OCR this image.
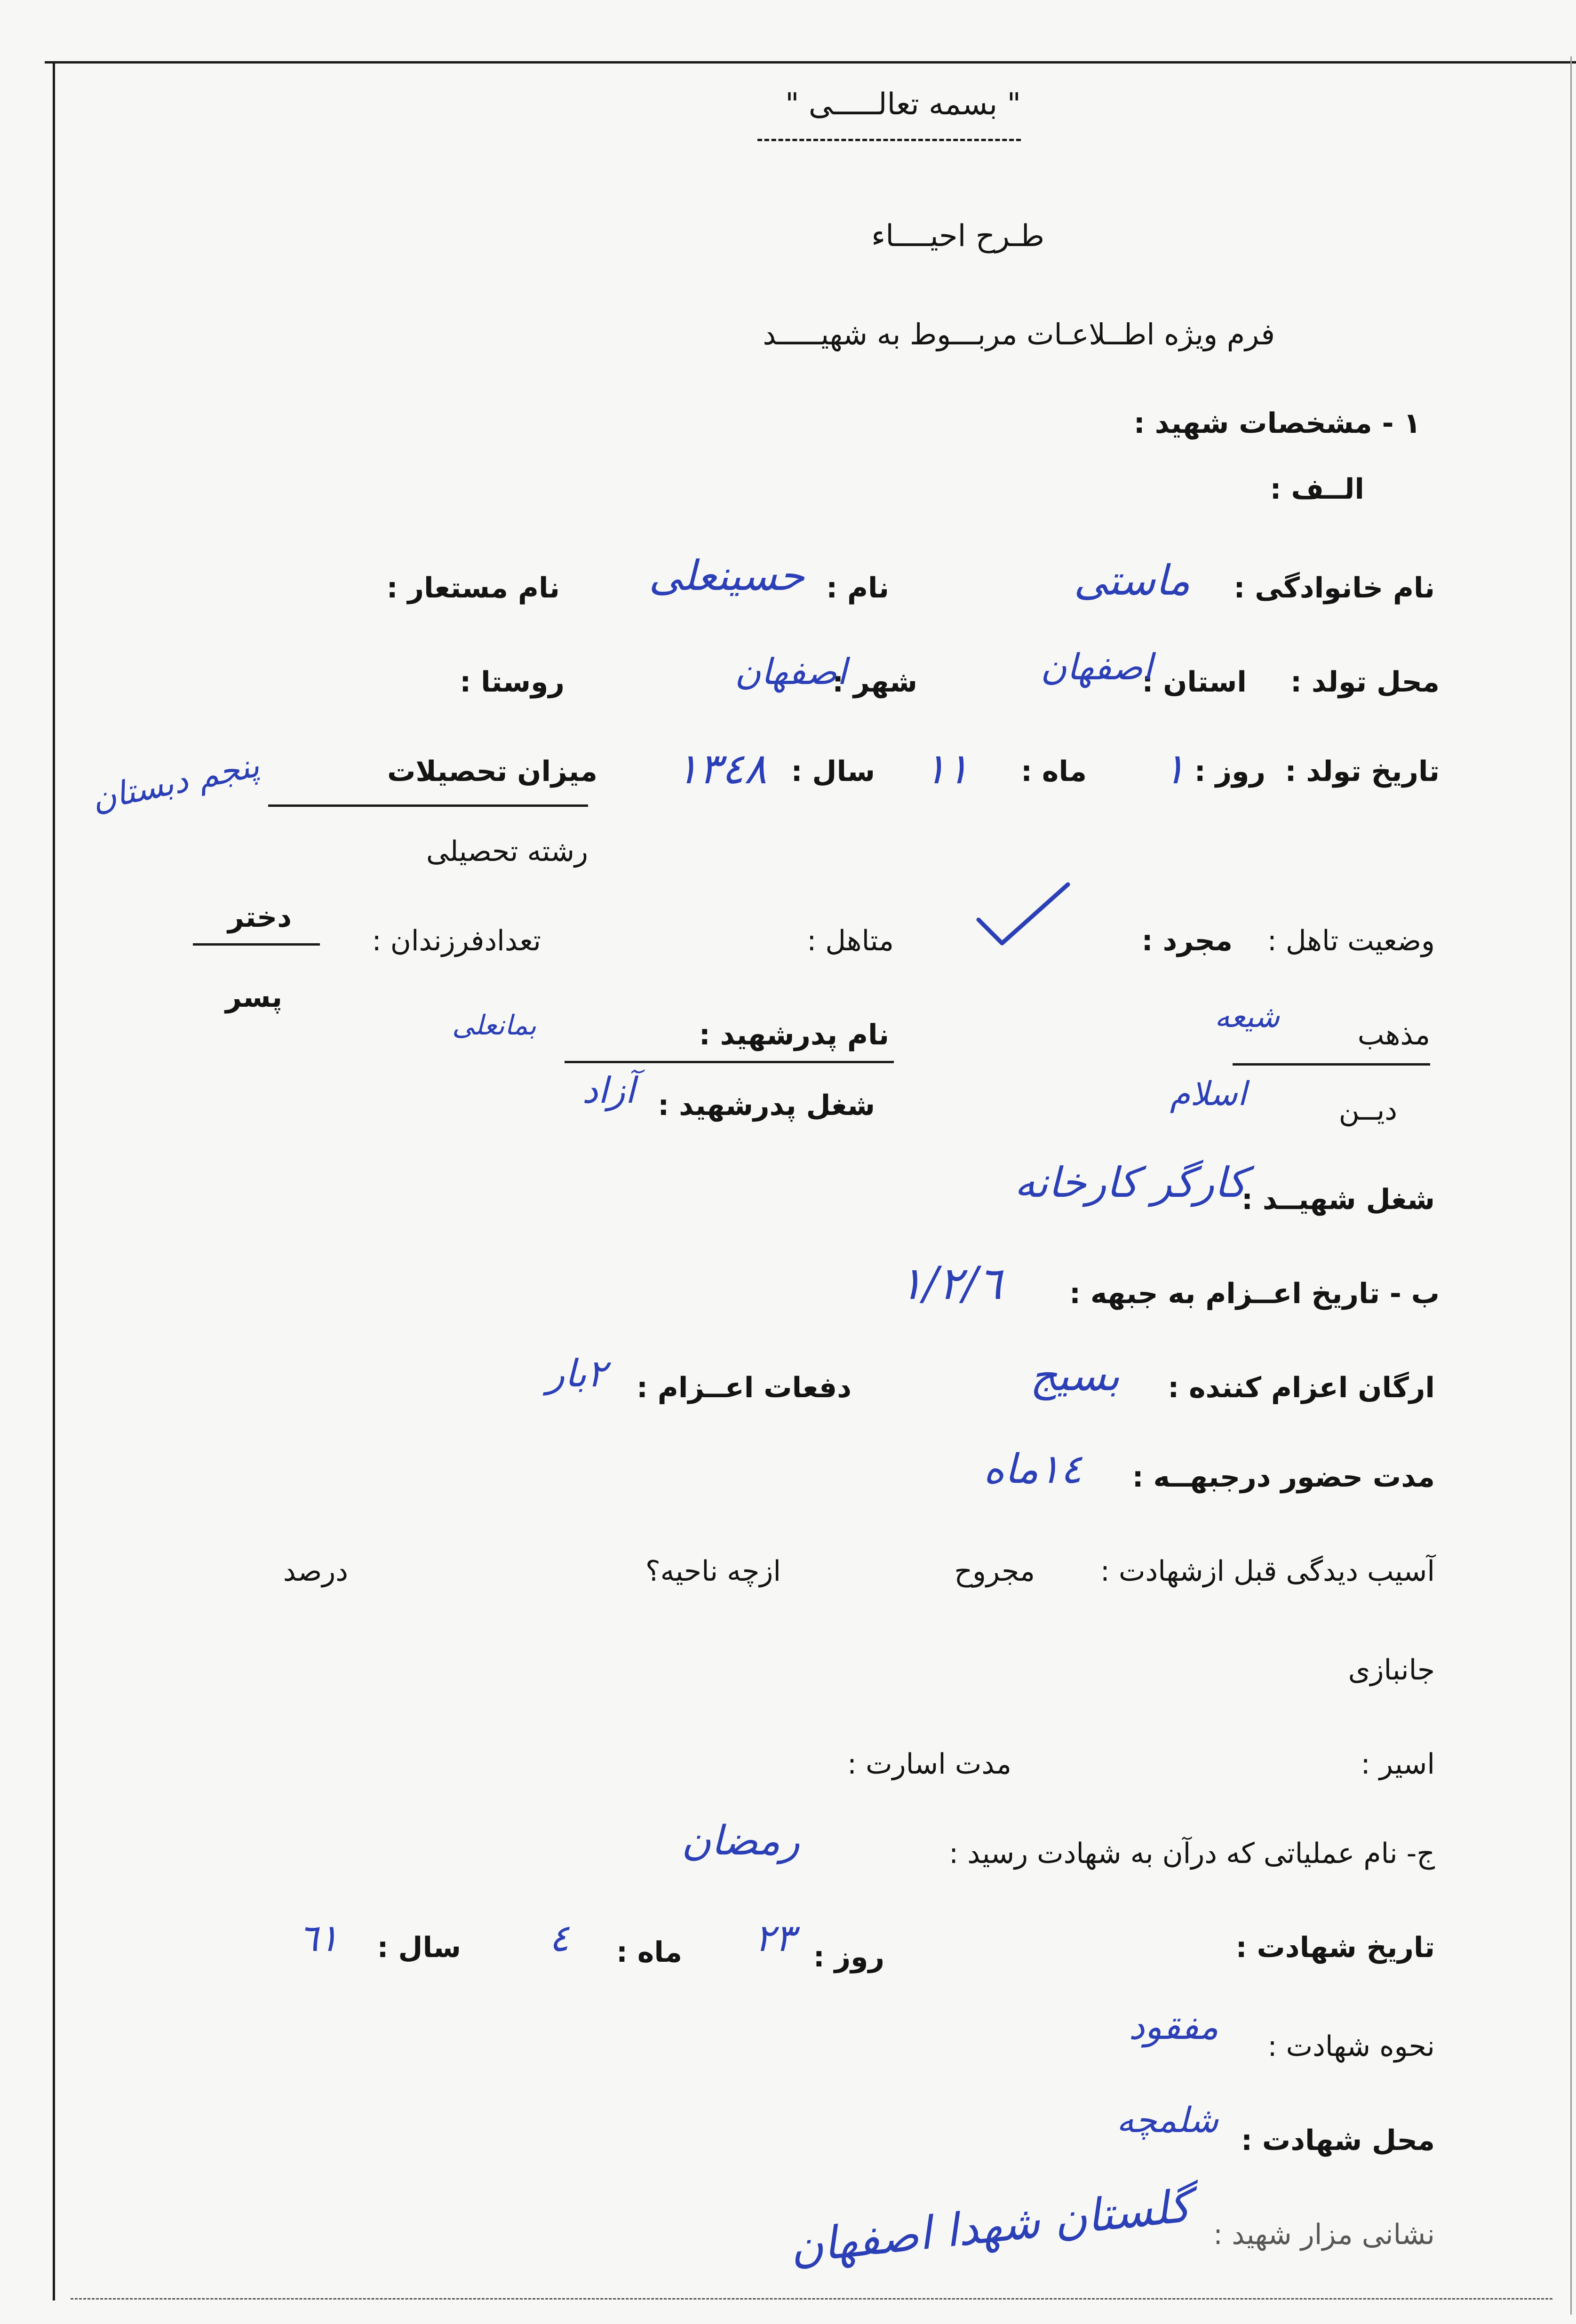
" بسمه تعالـــــى "
طـرح احيــــاء
فرم ويژه اطــلاعـات مربـــوط به شهيـــــد
١ - مشخصات شهيد :
الــف :
نام خانوادگى :
ماستى
نام :
حسينعلى
نام مستعار :
محل تولد :
استان :
اصفهان
شهر :
اصفهان
روستا :
تاريخ تولد :
روز :
١
ماه :
١١
سال :
١٣٤٨
ميزان تحصيلات
پنجم دبستان
رشته تحصيلى
وضعيت تاهل :
مجرد :
متاهل :
تعدادفرزندان :
دختر
پسر
مذهب
شيعه
نام پدرشهيد :
بمانعلى
ديــن
اسلام
شغل پدرشهيد :
آزاد
شغل شهيــد :
كارگر كارخانه
ب - تاريخ اعــزام به جبهه :
١/٢/٦
ارگان اعزام كننده :
بسيج
دفعات اعــزام :
٢بار
مدت حضور درجبهــه :
١٤ماه
آسيب ديدگى قبل ازشهادت :
مجروح
ازچه ناحيه؟
درصد
جانبازى
اسير :
مدت اسارت :
ج- نام عملياتى كه درآن به شهادت رسيد :
رمضان
تاريخ شهادت :
روز :
٢٣
ماه :
٤
سال :
٦١
نحوه شهادت :
مفقود
محل شهادت :
شلمچه
نشانى مزار شهيد :
گلستان شهدا اصفهان
